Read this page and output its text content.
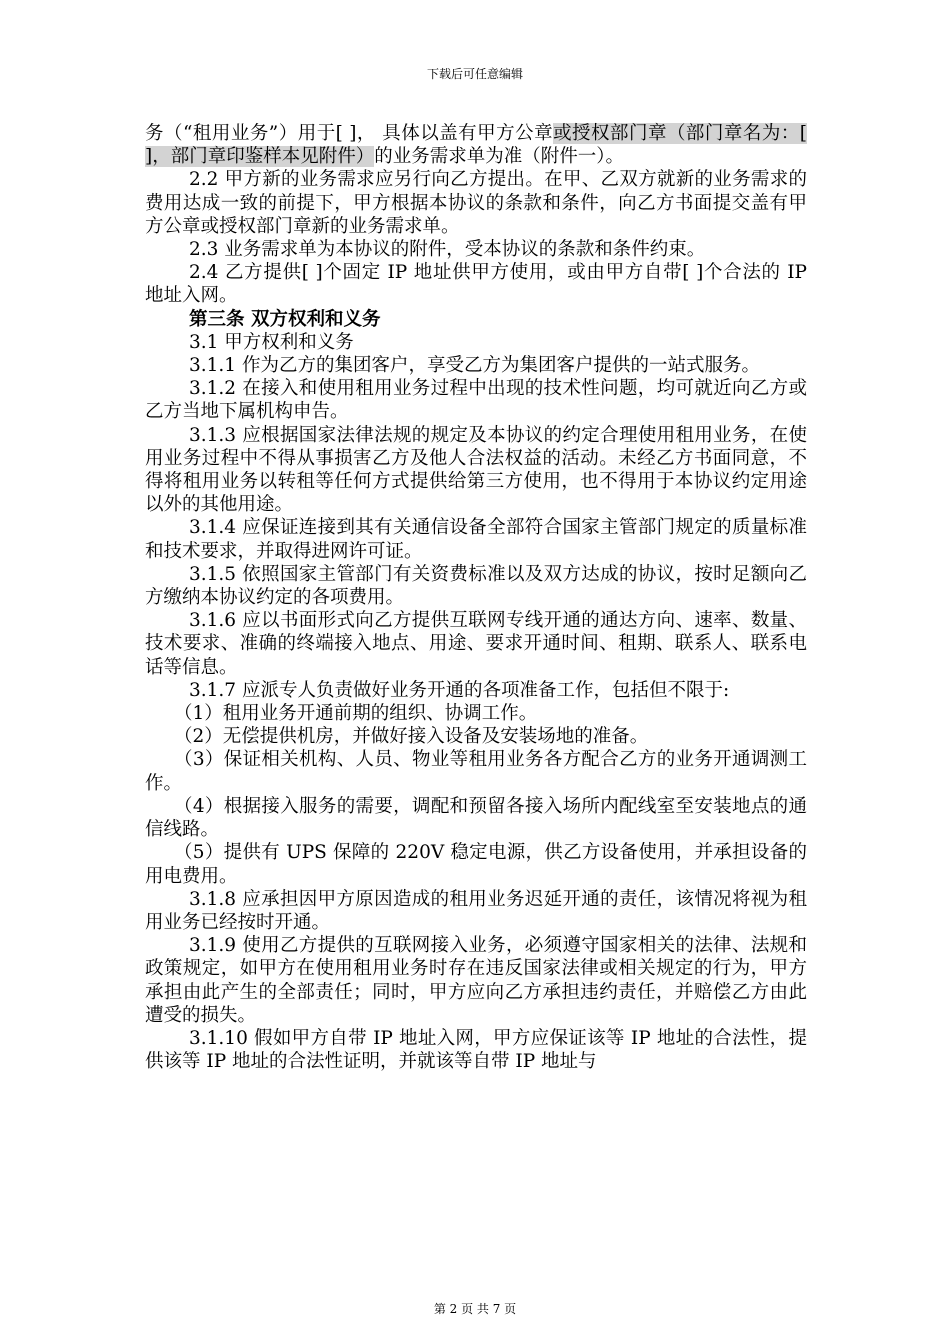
下载后可任意编辑

务（“租用业务”）用于[ ]， 具体以盖有甲方公章或授权部门章（部门章名为：[ ]，部门章印鉴样本见附件）的业务需求单为准（附件一）。

2.2 甲方新的业务需求应另行向乙方提出。在甲、乙双方就新的业务需求的费用达成一致的前提下，甲方根据本协议的条款和条件，向乙方书面提交盖有甲方公章或授权部门章新的业务需求单。

2.3 业务需求单为本协议的附件，受本协议的条款和条件约束。

2.4 乙方提供[ ]个固定 IP 地址供甲方使用，或由甲方自带[ ]个合法的 IP 地址入网。

第三条 双方权利和义务

3.1 甲方权利和义务

3.1.1 作为乙方的集团客户，享受乙方为集团客户提供的一站式服务。

3.1.2 在接入和使用租用业务过程中出现的技术性问题，均可就近向乙方或乙方当地下属机构申告。

3.1.3 应根据国家法律法规的规定及本协议的约定合理使用租用业务，在使用业务过程中不得从事损害乙方及他人合法权益的活动。未经乙方书面同意，不得将租用业务以转租等任何方式提供给第三方使用，也不得用于本协议约定用途以外的其他用途。

3.1.4 应保证连接到其有关通信设备全部符合国家主管部门规定的质量标准和技术要求，并取得进网许可证。

3.1.5 依照国家主管部门有关资费标准以及双方达成的协议，按时足额向乙方缴纳本协议约定的各项费用。

3.1.6 应以书面形式向乙方提供互联网专线开通的通达方向、速率、数量、技术要求、准确的终端接入地点、用途、要求开通时间、租期、联系人、联系电话等信息。

3.1.7 应派专人负责做好业务开通的各项准备工作，包括但不限于:

（1）租用业务开通前期的组织、协调工作。

（2）无偿提供机房，并做好接入设备及安装场地的准备。

（3）保证相关机构、人员、物业等租用业务各方配合乙方的业务开通调测工作。

（4）根据接入服务的需要，调配和预留各接入场所内配线室至安装地点的通信线路。

（5）提供有 UPS 保障的 220V 稳定电源，供乙方设备使用，并承担设备的用电费用。

3.1.8 应承担因甲方原因造成的租用业务迟延开通的责任，该情况将视为租用业务已经按时开通。

3.1.9 使用乙方提供的互联网接入业务，必须遵守国家相关的法律、法规和政策规定，如甲方在使用租用业务时存在违反国家法律或相关规定的行为，甲方承担由此产生的全部责任；同时，甲方应向乙方承担违约责任，并赔偿乙方由此遭受的损失。

3.1.10 假如甲方自带 IP 地址入网，甲方应保证该等 IP 地址的合法性，提供该等 IP 地址的合法性证明，并就该等自带 IP 地址与

第 2 页 共 7 页
